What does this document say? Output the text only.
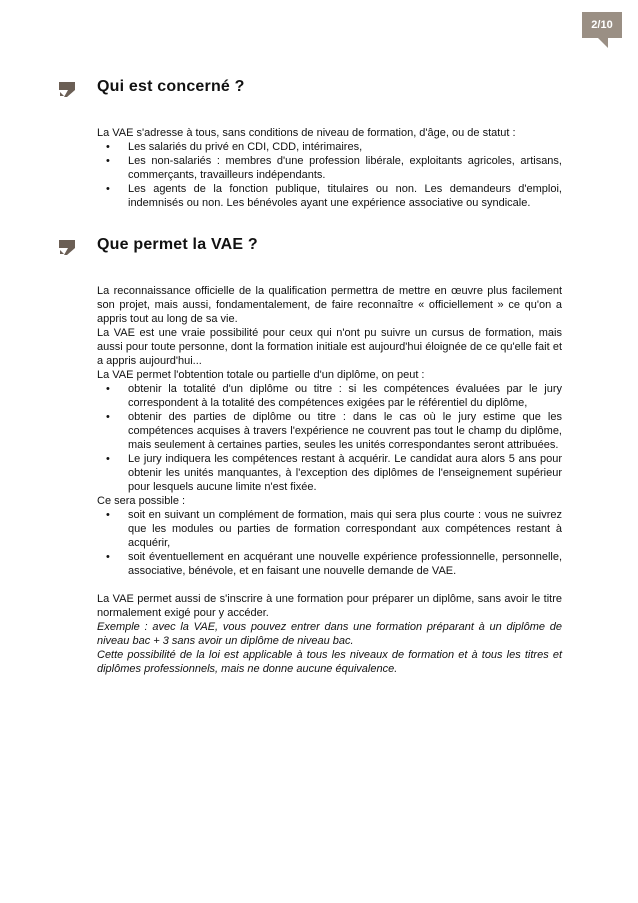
2/10
Qui est concerné ?

La VAE s'adresse à tous, sans conditions de niveau de formation, d'âge, ou de statut :

• Les salariés du privé en CDI, CDD, intérimaires,
• Les non-salariés : membres d'une profession libérale, exploitants agricoles, artisans, commerçants, travailleurs indépendants.
• Les agents de la fonction publique, titulaires ou non. Les demandeurs d'emploi, indemnisés ou non. Les bénévoles ayant une expérience associative ou syndicale.
Que permet la VAE ?

La reconnaissance officielle de la qualification permettra de mettre en œuvre plus facilement son projet, mais aussi, fondamentalement, de faire reconnaître « officiellement » ce qu'on a appris tout au long de sa vie.

La VAE est une vraie possibilité pour ceux qui n'ont pu suivre un cursus de formation, mais aussi pour toute personne, dont la formation initiale est aujourd'hui éloignée de ce qu'elle fait et a appris aujourd'hui...

La VAE permet l'obtention totale ou partielle d'un diplôme, on peut :

• obtenir la totalité d'un diplôme ou titre : si les compétences évaluées par le jury correspondent à la totalité des compétences exigées par le référentiel du diplôme,
• obtenir des parties de diplôme ou titre : dans le cas où le jury estime que les compétences acquises à travers l'expérience ne couvrent pas tout le champ du diplôme, mais seulement à certaines parties, seules les unités correspondantes seront attribuées.
• Le jury indiquera les compétences restant à acquérir. Le candidat aura alors 5 ans pour obtenir les unités manquantes, à l'exception des diplômes de l'enseignement supérieur pour lesquels aucune limite n'est fixée.

Ce sera possible :

• soit en suivant un complément de formation, mais qui sera plus courte : vous ne suivrez que les modules ou parties de formation correspondant aux compétences restant à acquérir,
• soit éventuellement en acquérant une nouvelle expérience professionnelle, personnelle, associative, bénévole, et en faisant une nouvelle demande de VAE.

La VAE permet aussi de s'inscrire à une formation pour préparer un diplôme, sans avoir le titre normalement exigé pour y accéder.

Exemple : avec la VAE, vous pouvez entrer dans une formation préparant à un diplôme de niveau bac + 3 sans avoir un diplôme de niveau bac.

Cette possibilité de la loi est applicable à tous les niveaux de formation et à tous les titres et diplômes professionnels, mais ne donne aucune équivalence.
